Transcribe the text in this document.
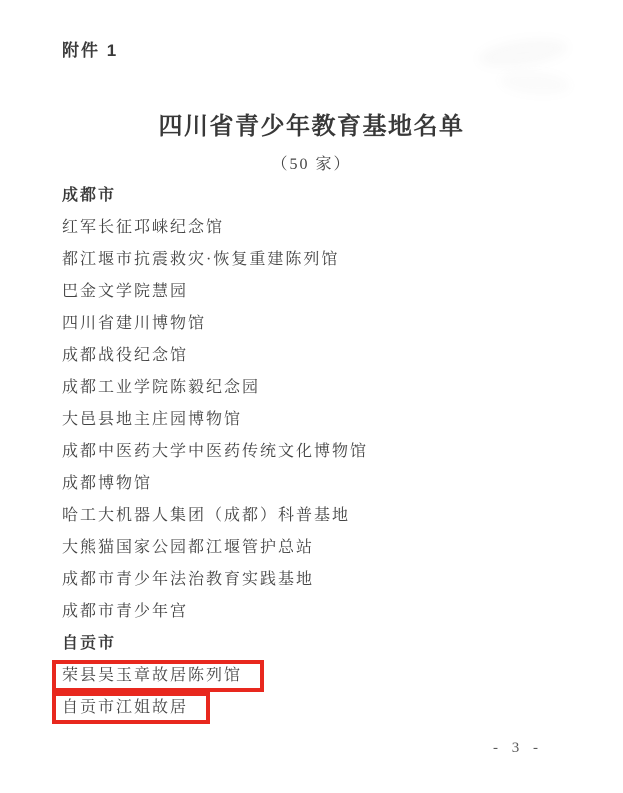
附件 1
四川省青少年教育基地名单
（50 家）
成都市
红军长征邛崃纪念馆
都江堰市抗震救灾·恢复重建陈列馆
巴金文学院慧园
四川省建川博物馆
成都战役纪念馆
成都工业学院陈毅纪念园
大邑县地主庄园博物馆
成都中医药大学中医药传统文化博物馆
成都博物馆
哈工大机器人集团（成都）科普基地
大熊猫国家公园都江堰管护总站
成都市青少年法治教育实践基地
成都市青少年宫
自贡市
荣县吴玉章故居陈列馆
自贡市江姐故居
- 3 -
